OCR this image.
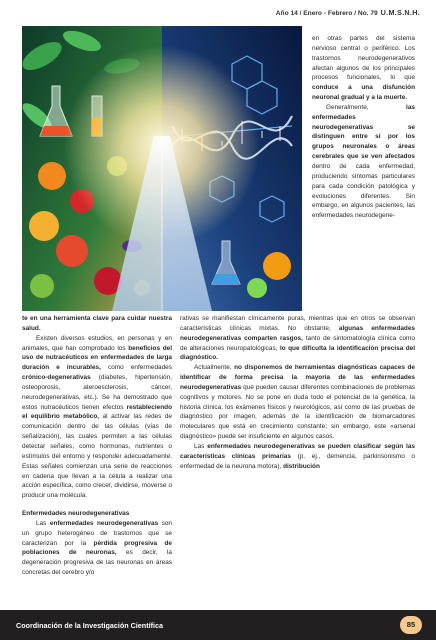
Año 14 / Enero - Febrero / No. 79 U.M.S.N.H.

en otras partes del sistema nervioso central o periférico. Los trastornos neurodegenerativos afectan algunos de los principales procesos funcionales, lo que conduce a una disfunción neuronal gradual y a la muerte.

Generalmente, las enfermedades neurodegenerativas se distinguen entre sí por los grupos neuronales o áreas cerebrales que se ven afectados dentro de cada enfermedad, produciendo síntomas particulares para cada condición patológica y evoluciones diferentes. Sin embargo, en algunos pacientes, las enfermedades neurodegene-

te en una herramienta clave para cuidar nuestra salud.

Existen diversos estudios, en personas y en animales, que han comprobado los beneficios del uso de nutracéuticos en enfermedades de larga duración e incurables, como enfermedades crónico-degenerativas (diabetes, hipertensión, osteoporosis, ateroesclerosis, cáncer, neurodegenerativas, etc.). Se ha demostrado que estos nutracéuticos tienen efectos restableciendo el equilibrio metabólico, al activar las redes de comunicación dentro de las células (vías de señalización), las cuales permiten a las células detectar señales, como hormonas, nutrientes o estímulos del entorno y responder adecuadamente. Estas señales comienzan una serie de reacciones en cadena que llevan a la célula a realizar una acción específica, como crecer, dividirse, moverse o producir una molécula.

Enfermedades neurodegenerativas

Las enfermedades neurodegenerativas son un grupo heterogéneo de trastornos que se caracterizan por la pérdida progresiva de poblaciones de neuronas, es decir, la degeneración progresiva de las neuronas en áreas concretas del cerebro y/o

rativas se manifiestan clínicamente puras, mientras que en otros se observan características clínicas mixtas. No obstante, algunas enfermedades neurodegenerativas comparten rasgos, tanto de sintomatología clínica como de alteraciones neuropatológicas, lo que dificulta la identificación precisa del diagnóstico.

Actualmente, no disponemos de herramientas diagnósticas capaces de identificar de forma precisa la mayoría de las enfermedades neurodegenerativas que pueden causar diferentes combinaciones de problemas cognitivos y motores. No se pone en duda todo el potencial de la genética, la historia clínica, los exámenes físicos y neurológicos, así como de las pruebas de diagnóstico por imagen, además de la identificación de biomarcadores moleculares que está en crecimiento constante; sin embargo, este «arsenal diagnóstico» puede ser insuficiente en algunos casos.

Las enfermedades neurodegenerativas se pueden clasificar según las características clínicas primarias (p. ej., demencia, parkinsonismo o enfermedad de la neurona motora), distribución

Coordinación de la Investigación Científica	85
